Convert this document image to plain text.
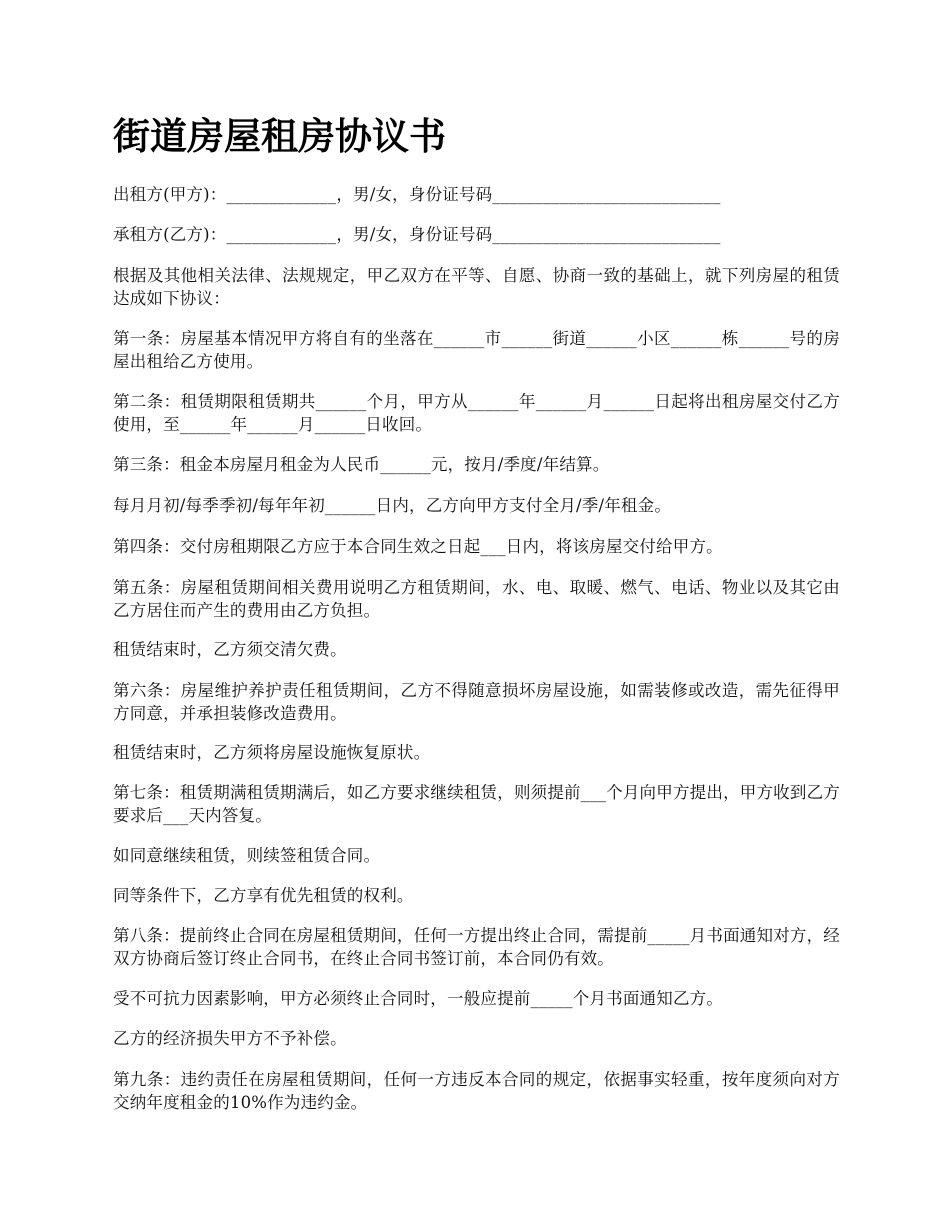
街道房屋租房协议书

出租方(甲方)：_____________，男/女，身份证号码___________________________

承租方(乙方)：_____________，男/女，身份证号码___________________________

根据及其他相关法律、法规规定，甲乙双方在平等、自愿、协商一致的基础上，就下列房屋的租赁达成如下协议：

第一条：房屋基本情况甲方将自有的坐落在______市______街道______小区______栋______号的房屋出租给乙方使用。

第二条：租赁期限租赁期共______个月，甲方从______年______月______日起将出租房屋交付乙方使用，至______年______月______日收回。

第三条：租金本房屋月租金为人民币______元，按月/季度/年结算。

每月月初/每季季初/每年年初______日内，乙方向甲方支付全月/季/年租金。

第四条：交付房租期限乙方应于本合同生效之日起___日内，将该房屋交付给甲方。

第五条：房屋租赁期间相关费用说明乙方租赁期间，水、电、取暖、燃气、电话、物业以及其它由乙方居住而产生的费用由乙方负担。

租赁结束时，乙方须交清欠费。

第六条：房屋维护养护责任租赁期间，乙方不得随意损坏房屋设施，如需装修或改造，需先征得甲方同意，并承担装修改造费用。

租赁结束时，乙方须将房屋设施恢复原状。

第七条：租赁期满租赁期满后，如乙方要求继续租赁，则须提前___个月向甲方提出，甲方收到乙方要求后___天内答复。

如同意继续租赁，则续签租赁合同。

同等条件下，乙方享有优先租赁的权利。

第八条：提前终止合同在房屋租赁期间，任何一方提出终止合同，需提前_____月书面通知对方，经双方协商后签订终止合同书，在终止合同书签订前，本合同仍有效。

受不可抗力因素影响，甲方必须终止合同时，一般应提前_____个月书面通知乙方。

乙方的经济损失甲方不予补偿。

第九条：违约责任在房屋租赁期间，任何一方违反本合同的规定，依据事实轻重，按年度须向对方交纳年度租金的10%作为违约金。
